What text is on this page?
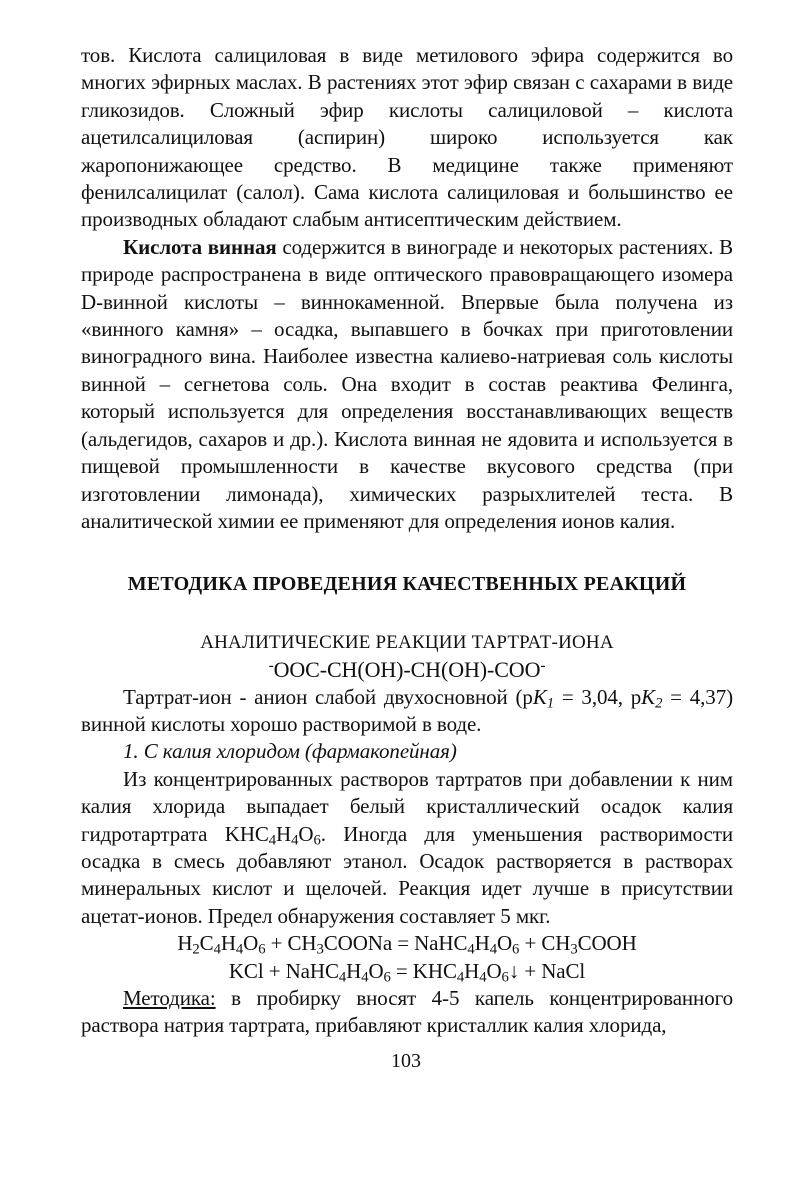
тов. Кислота салициловая в виде метилового эфира содержится во многих эфирных маслах. В растениях этот эфир связан с сахарами в виде гликозидов. Сложный эфир кислоты салициловой – кислота ацетилсалициловая (аспирин) широко используется как жаропонижающее средство. В медицине также применяют фенилсалицилат (салол). Сама кислота салициловая и большинство ее производных обладают слабым антисептическим действием.

Кислота винная содержится в винограде и некоторых растениях. В природе распространена в виде оптического правовращающего изомера D-винной кислоты – виннокаменной. Впервые была получена из «винного камня» – осадка, выпавшего в бочках при приготовлении виноградного вина. Наиболее известна калиево-натриевая соль кислоты винной – сегнетова соль. Она входит в состав реактива Фелинга, который используется для определения восстанавливающих веществ (альдегидов, сахаров и др.). Кислота винная не ядовита и используется в пищевой промышленности в качестве вкусового средства (при изготовлении лимонада), химических разрыхлителей теста. В аналитической химии ее применяют для определения ионов калия.

МЕТОДИКА ПРОВЕДЕНИЯ КАЧЕСТВЕННЫХ РЕАКЦИЙ

АНАЛИТИЧЕСКИЕ РЕАКЦИИ ТАРТРАТ-ИОНА

-OOC-CH(OH)-CH(OH)-COO-

Тартрат-ион - анион слабой двухосновной ($pK_1 = 3,04$, $pK_2 = 4,37$) винной кислоты хорошо растворимой в воде.

1. С калия хлоридом (фармакопейная)

Из концентрированных растворов тартратов при добавлении к ним калия хлорида выпадает белый кристаллический осадок калия гидротартрата $KHC_4H_4O_6$. Иногда для уменьшения растворимости осадка в смесь добавляют этанол. Осадок растворяется в растворах минеральных кислот и щелочей. Реакция идет лучше в присутствии ацетат-ионов. Предел обнаружения составляет 5 мкг.

$H_2C_4H_4O_6$ + $CH_3COONa$ = $NaHC_4H_4O_6$ + $CH_3COOH$

KCl + $NaHC_4H_4O_6$ = $KHC_4H_4O_6↓$ + NaCl

Методика: в пробирку вносят 4-5 капель концентрированного раствора натрия тартрата, прибавляют кристаллик калия хлорида,

103
